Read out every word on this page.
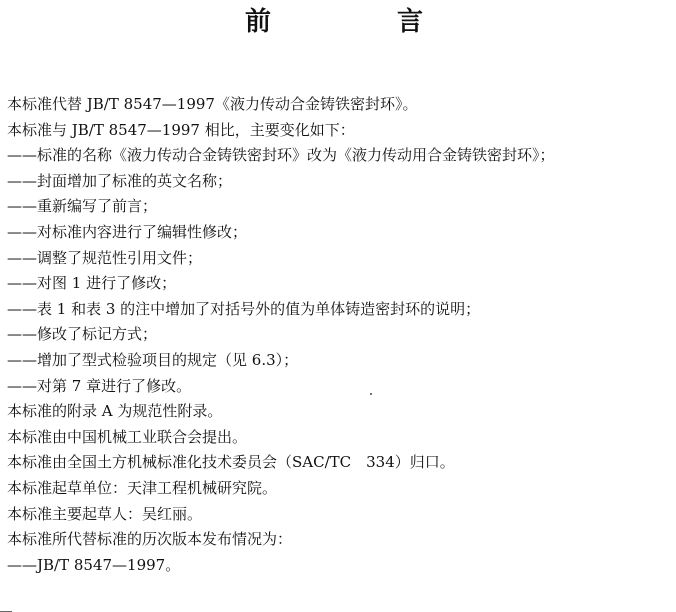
前　言
本标准代替 JB/T 8547—1997《液力传动合金铸铁密封环》。
本标准与 JB/T 8547—1997 相比，主要变化如下：
——标准的名称《液力传动合金铸铁密封环》改为《液力传动用合金铸铁密封环》；
——封面增加了标准的英文名称；
——重新编写了前言；
——对标准内容进行了编辑性修改；
——调整了规范性引用文件；
——对图 1 进行了修改；
——表 1 和表 3 的注中增加了对括号外的值为单体铸造密封环的说明；
——修改了标记方式；
——增加了型式检验项目的规定（见 6.3）；
——对第 7 章进行了修改。
本标准的附录 A 为规范性附录。
本标准由中国机械工业联合会提出。
本标准由全国土方机械标准化技术委员会（SAC/TC　334）归口。
本标准起草单位：天津工程机械研究院。
本标准主要起草人：吴红丽。
本标准所代替标准的历次版本发布情况为：
——JB/T 8547—1997。
